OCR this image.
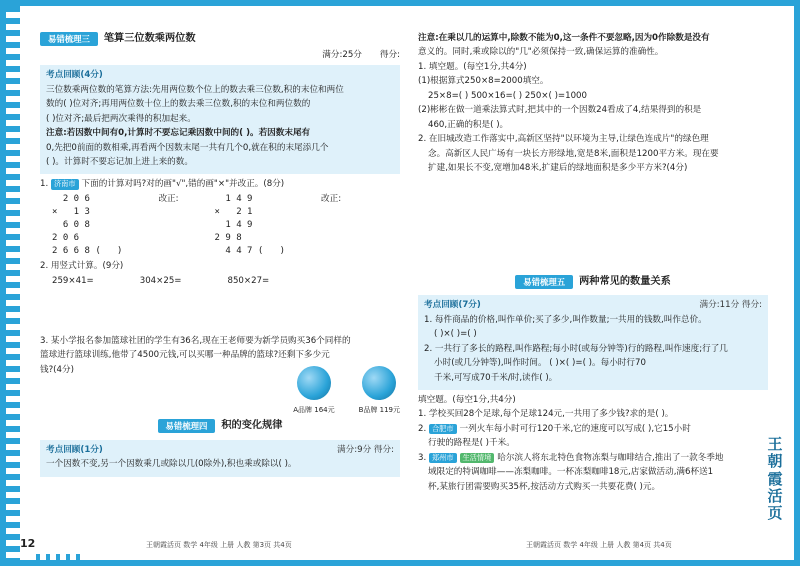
易错梳理三	笔算三位数乘两位数
满分:25分 得分:
考点回顾(4分)
三位数乘两位数的笔算方法:先用两位数个位上的数去乘三位数,积的末位和两位
数的( )位对齐;再用两位数十位上的数去乘三位数,积的末位和两位数的
( )位对齐;最后把两次乘得的积加起来。
注意:若因数中间有0,计算时不要忘记乘因数中间的( )。若因数末尾有
0,先把0前面的数相乘,再看两个因数末尾一共有几个0,就在积的末尾添几个
( )。计算时不要忘记加上进上来的数。
1. 济南市 下面的计算对吗?对的画"√",错的画"×"并改正。(8分)
2 0 6
×   1 3
6 0 8
2 0 6
2 6 6 8 (   )
改正:	1 4 9
×   2 1
1 4 9
2 9 8
4 4 7 (   )
改正:
2. 用竖式计算。(9分)
259×41=	304×25=	850×27=
3. 某小学报名参加篮球社团的学生有36名,现在王老师要为新学员购买36个同样的
篮球进行篮球训练,他带了4500元钱,可以买哪一种品牌的篮球?还剩下多少元
钱?(4分)
A品牌 164元	B品牌 119元
易错梳理四	积的变化规律
考点回顾(1分)	满分:9分 得分:
一个因数不变,另一个因数乘几或除以几(0除外),积也乘或除以( )。
12	王朝霞活页 数学 4年级 上册 人教 第3页 共4页
注意:在乘以几的运算中,除数不能为0,这一条件不要忽略,因为0作除数是没有
意义的。同时,乘或除以的"几"必须保持一致,确保运算的准确性。
1. 填空题。(每空1分,共4分)
(1)根据算式250×8=2000填空。
25×8=( ) 500×16=( ) 250×( )=1000
(2)彬彬在做一道乘法算式时,把其中的一个因数24看成了4,结果得到的积是
460,正确的积是( )。
2. 在旧城改造工作落实中,高新区坚持"以环境为主导,让绿色连成片"的绿色理
念。高新区人民广场有一块长方形绿地,宽是8米,面积是1200平方米。现在要
扩建,如果长不变,宽增加48米,扩建后的绿地面积是多少平方米?(4分)
易错梳理五	两种常见的数量关系
考点回顾(7分)	满分:11分 得分:
1. 每件商品的价格,叫作单价;买了多少,叫作数量;一共用的钱数,叫作总价。
( )×( )=( )
2. 一共行了多长的路程,叫作路程;每小时(或每分钟等)行的路程,叫作速度;行了几
小时(或几分钟等),叫作时间。 ( )×( )=( )。每小时行70
千米,可写成70千米/时,读作( )。
填空题。(每空1分,共4分)
1. 学校买回28个足球,每个足球124元,一共用了多少钱?求的是( )。
2. 合肥市 一列火车每小时可行120千米,它的速度可以写成( ),它15小时
行驶的路程是( )千米。
3. 郑州市 生活情境 哈尔滨人将东北特色食物冻梨与咖啡结合,推出了一款冬季地
域限定的特调咖啡——冻梨咖啡。一杯冻梨咖啡18元,店家做活动,满6杯送1
杯,某旅行团需要购买35杯,按活动方式购买一共要花费( )元。
王朝霞活页 数学 4年级 上册 人教 第4页 共4页
王朝霞活页
